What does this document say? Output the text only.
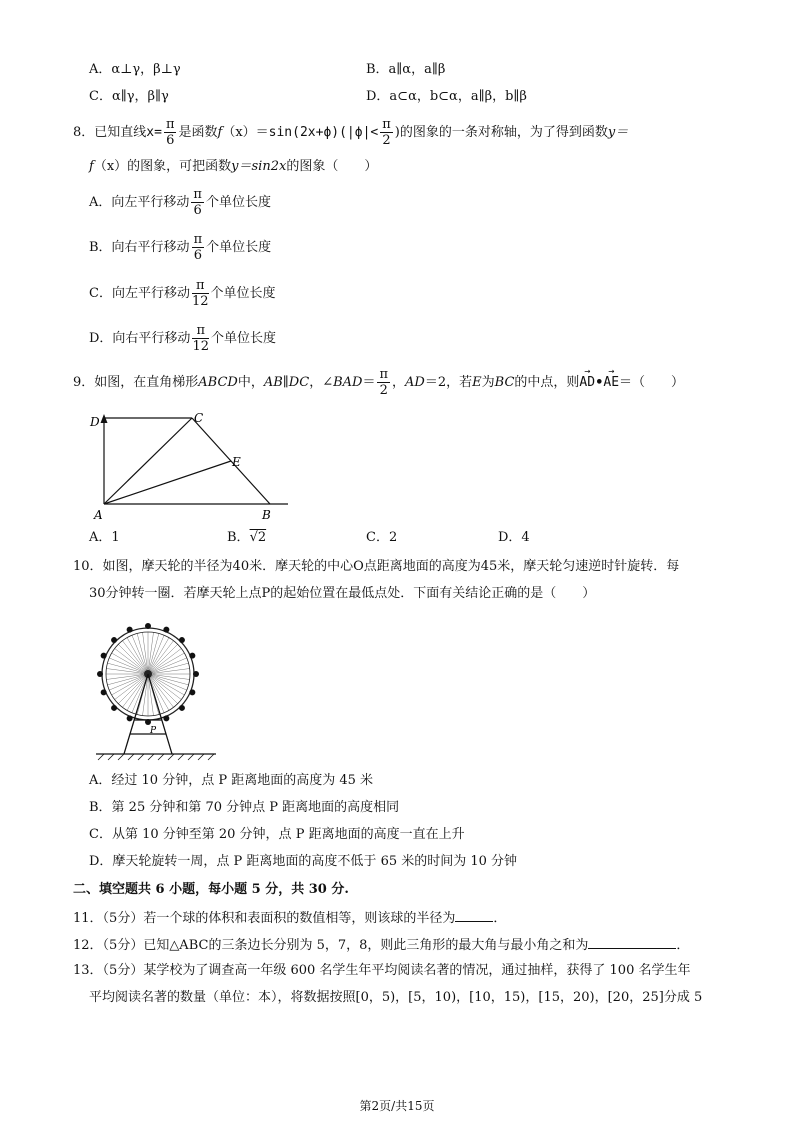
A．α⊥γ，β⊥γ	B．a∥α，a∥β
C．α∥γ，β∥γ	D．a⊂α，b⊂α，a∥β，b∥β
8．已知直线$x= \frac{\pi}{6}$ 是函数$f(x)=\sin(2x+\phi)(|\phi|< \frac{\pi}{2}$ )的图象的一条对称轴，为了得到函数y＝
f（x）的图象，可把函数y＝sin2x的图象（　　）
A．向左平行移动 $\frac{\pi}{6}$ 个单位长度
B．向右平行移动 $\frac{\pi}{6}$ 个单位长度
C．向左平行移动 $\frac{\pi}{12}$ 个单位长度
D．向右平行移动 $\frac{\pi}{12}$ 个单位长度
9．如图，在直角梯形ABCD中，AB∥DC，∠BAD＝ $\frac{\pi}{2}$ ，AD＝2，若E为BC的中点，则→ AD•→ AE＝（　　）
D	C
E
A	B
A．1	B．√2	C．2	D．4
10．如图，摩天轮的半径为40米．摩天轮的中心O点距离地面的高度为45米，摩天轮匀速逆时针旋转．每
30分钟转一圈．若摩天轮上点P的起始位置在最低点处．下面有关结论正确的是（　　）
P
A．经过 10 分钟，点 P 距离地面的高度为 45 米
B．第 25 分钟和第 70 分钟点 P 距离地面的高度相同
C．从第 10 分钟至第 20 分钟，点 P 距离地面的高度一直在上升
D．摩天轮旋转一周，点 P 距离地面的高度不低于 65 米的时间为 10 分钟
二、填空题共 6 小题，每小题 5 分，共 30 分.
11．（5分）若一个球的体积和表面积的数值相等，则该球的半径为	．
12．（5分）已知△ABC的三条边长分别为 5，7，8，则此三角形的最大角与最小角之和为	．
13．（5分）某学校为了调查高一年级 600 名学生年平均阅读名著的情况，通过抽样，获得了 100 名学生年
平均阅读名著的数量（单位：本），将数据按照[0，5)，[5，10)，[10，15)，[15，20)，[20，25]分成 5
第2页/共15页
